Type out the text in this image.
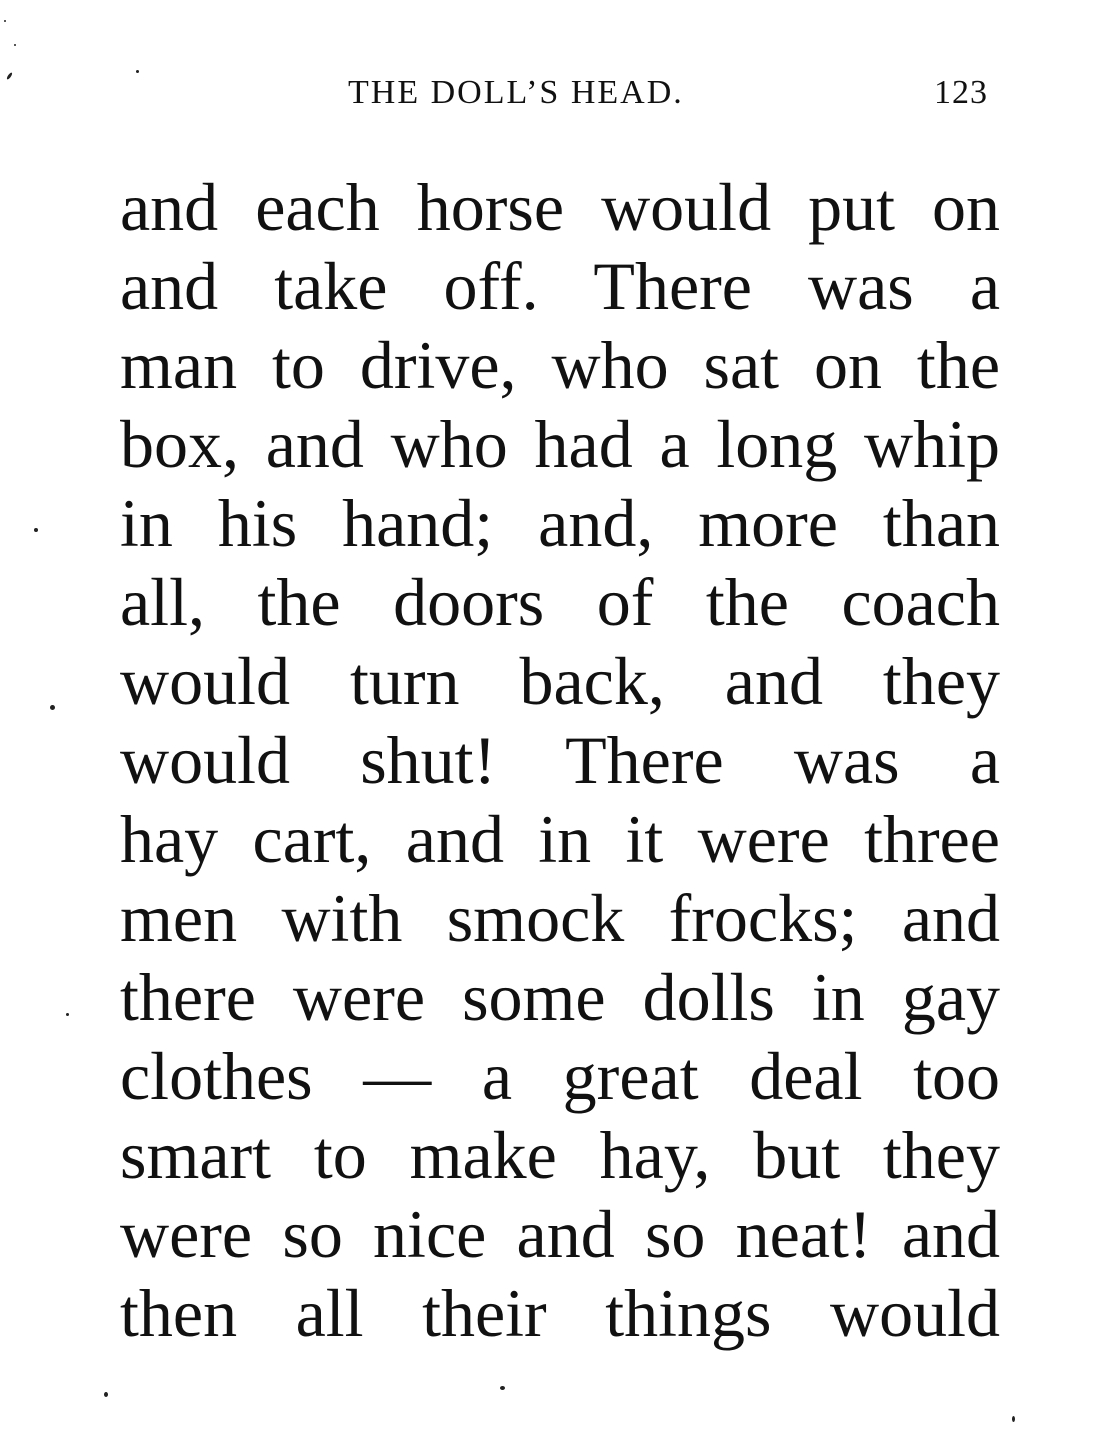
THE DOLL’S HEAD.	123
and each horse would put on
and take off. There was a
man to drive, who sat on the
box, and who had a long whip
in his hand; and, more than
all, the doors of the coach
would turn back, and they
would shut! There was a
hay cart, and in it were three
men with smock frocks; and
there were some dolls in gay
clothes — a great deal too
smart to make hay, but they
were so nice and so neat! and
then all their things would
